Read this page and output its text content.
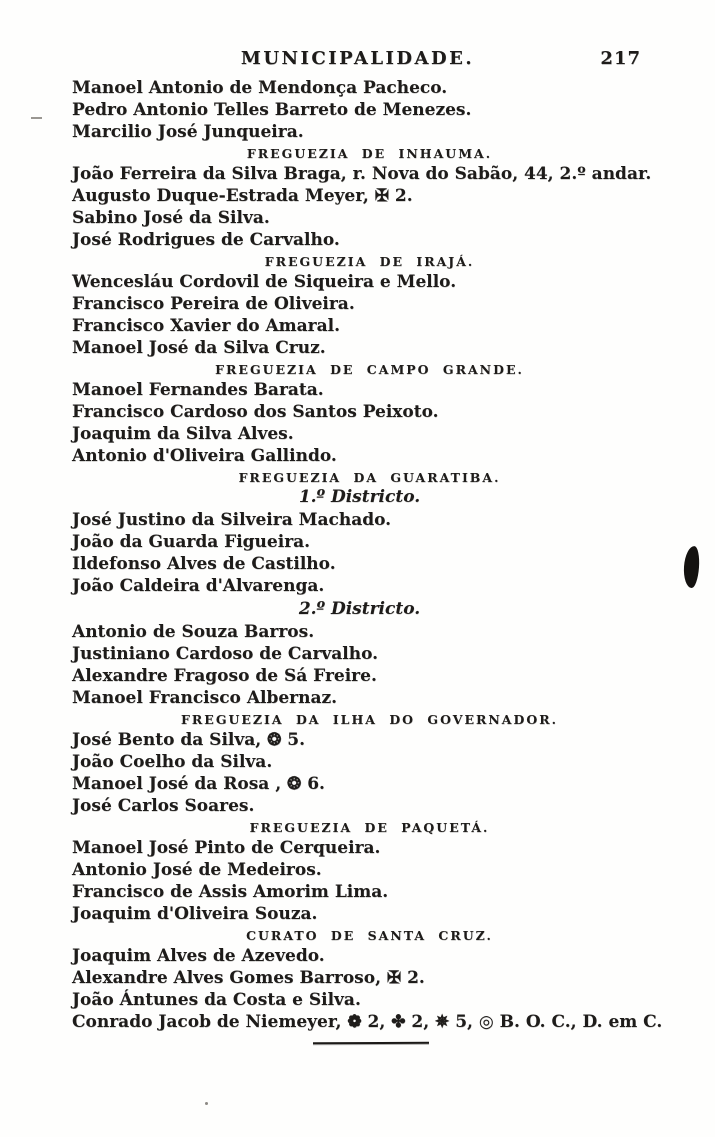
MUNICIPALIDADE.	217
Manoel Antonio de Mendonça Pacheco.
Pedro Antonio Telles Barreto de Menezes.
Marcilio José Junqueira.
FREGUEZIA DE INHAUMA.
João Ferreira da Silva Braga, r. Nova do Sabão, 44, 2.º andar.
Augusto Duque-Estrada Meyer, ✠ 2.
Sabino José da Silva.
José Rodrigues de Carvalho.
FREGUEZIA DE IRAJÁ.
Wencesláu Cordovil de Siqueira e Mello.
Francisco Pereira de Oliveira.
Francisco Xavier do Amaral.
Manoel José da Silva Cruz.
FREGUEZIA DE CAMPO GRANDE.
Manoel Fernandes Barata.
Francisco Cardoso dos Santos Peixoto.
Joaquim da Silva Alves.
Antonio d'Oliveira Gallindo.
FREGUEZIA DA GUARATIBA.
1.º Districto.
José Justino da Silveira Machado.
João da Guarda Figueira.
Ildefonso Alves de Castilho.
João Caldeira d'Alvarenga.
2.º Districto.
Antonio de Souza Barros.
Justiniano Cardoso de Carvalho.
Alexandre Fragoso de Sá Freire.
Manoel Francisco Albernaz.
FREGUEZIA DA ILHA DO GOVERNADOR.
José Bento da Silva, ❂ 5.
João Coelho da Silva.
Manoel José da Rosa , ❂ 6.
José Carlos Soares.
FREGUEZIA DE PAQUETÁ.
Manoel José Pinto de Cerqueira.
Antonio José de Medeiros.
Francisco de Assis Amorim Lima.
Joaquim d'Oliveira Souza.
CURATO DE SANTA CRUZ.
Joaquim Alves de Azevedo.
Alexandre Alves Gomes Barroso, ✠ 2.
João Ántunes da Costa e Silva.
Conrado Jacob de Niemeyer, ❁ 2, ✤ 2, ✵ 5, ◎ B. O. C., D. em C.
